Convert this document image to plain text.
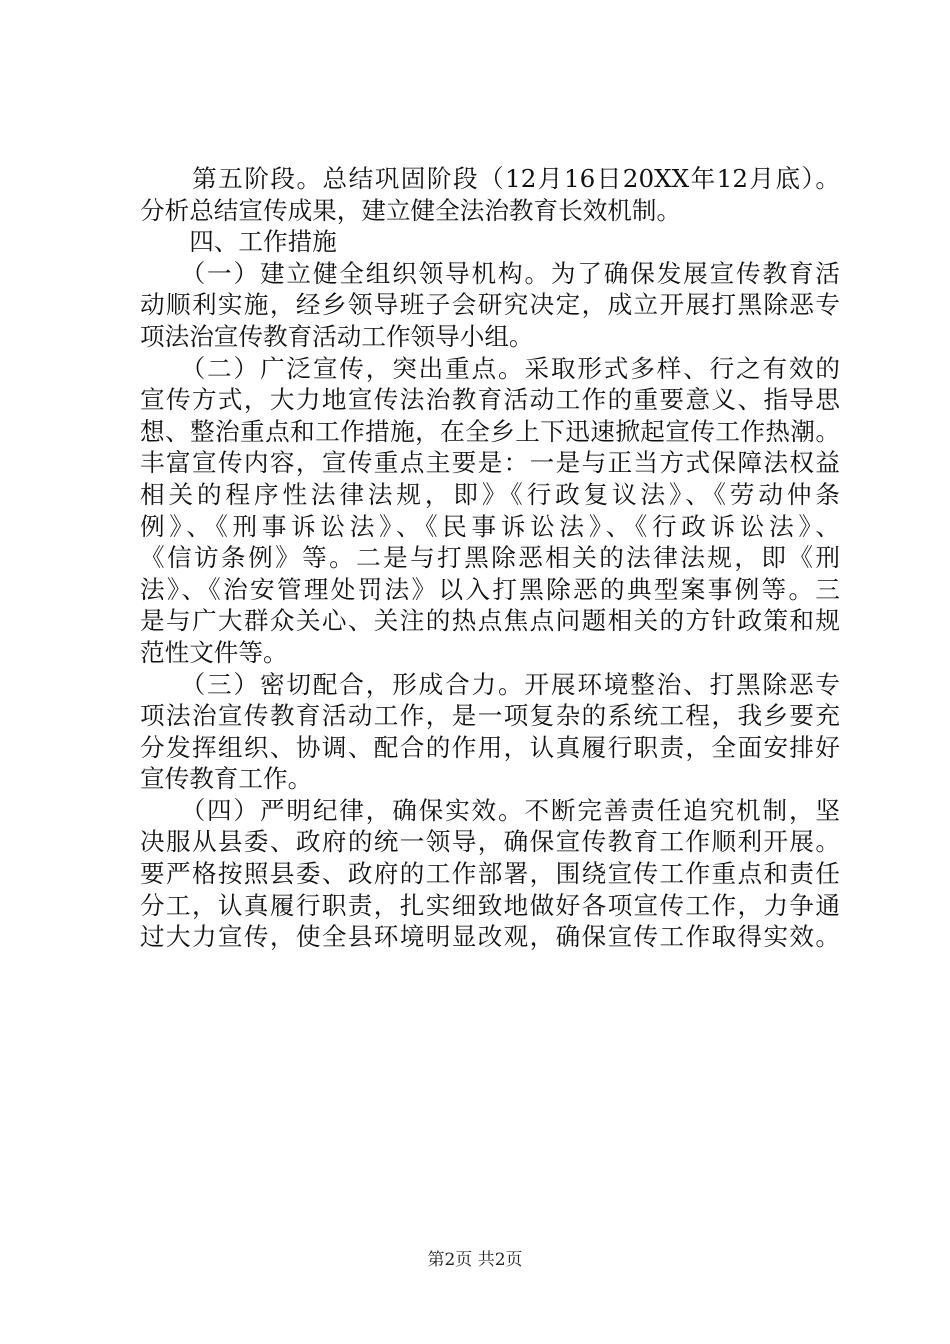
　　第五阶段。总结巩固阶段（12月16日20XX年12月底）。
分析总结宣传成果，建立健全法治教育长效机制。
　　四、工作措施
　　（一）建立健全组织领导机构。为了确保发展宣传教育活
动顺利实施，经乡领导班子会研究决定，成立开展打黑除恶专
项法治宣传教育活动工作领导小组。
　　（二）广泛宣传，突出重点。采取形式多样、行之有效的
宣传方式，大力地宣传法治教育活动工作的重要意义、指导思
想、整治重点和工作措施，在全乡上下迅速掀起宣传工作热潮。
丰富宣传内容，宣传重点主要是：一是与正当方式保障法权益
相关的程序性法律法规，即》《行政复议法》、《劳动仲条
例》、《刑事诉讼法》、《民事诉讼法》、《行政诉讼法》、
《信访条例》等。二是与打黑除恶相关的法律法规，即《刑
法》、《治安管理处罚法》以入打黑除恶的典型案事例等。三
是与广大群众关心、关注的热点焦点问题相关的方针政策和规
范性文件等。
　　（三）密切配合，形成合力。开展环境整治、打黑除恶专
项法治宣传教育活动工作，是一项复杂的系统工程，我乡要充
分发挥组织、协调、配合的作用，认真履行职责，全面安排好
宣传教育工作。
　　（四）严明纪律，确保实效。不断完善责任追究机制，坚
决服从县委、政府的统一领导，确保宣传教育工作顺利开展。
要严格按照县委、政府的工作部署，围绕宣传工作重点和责任
分工，认真履行职责，扎实细致地做好各项宣传工作，力争通
过大力宣传，使全县环境明显改观，确保宣传工作取得实效。
第2页 共2页
